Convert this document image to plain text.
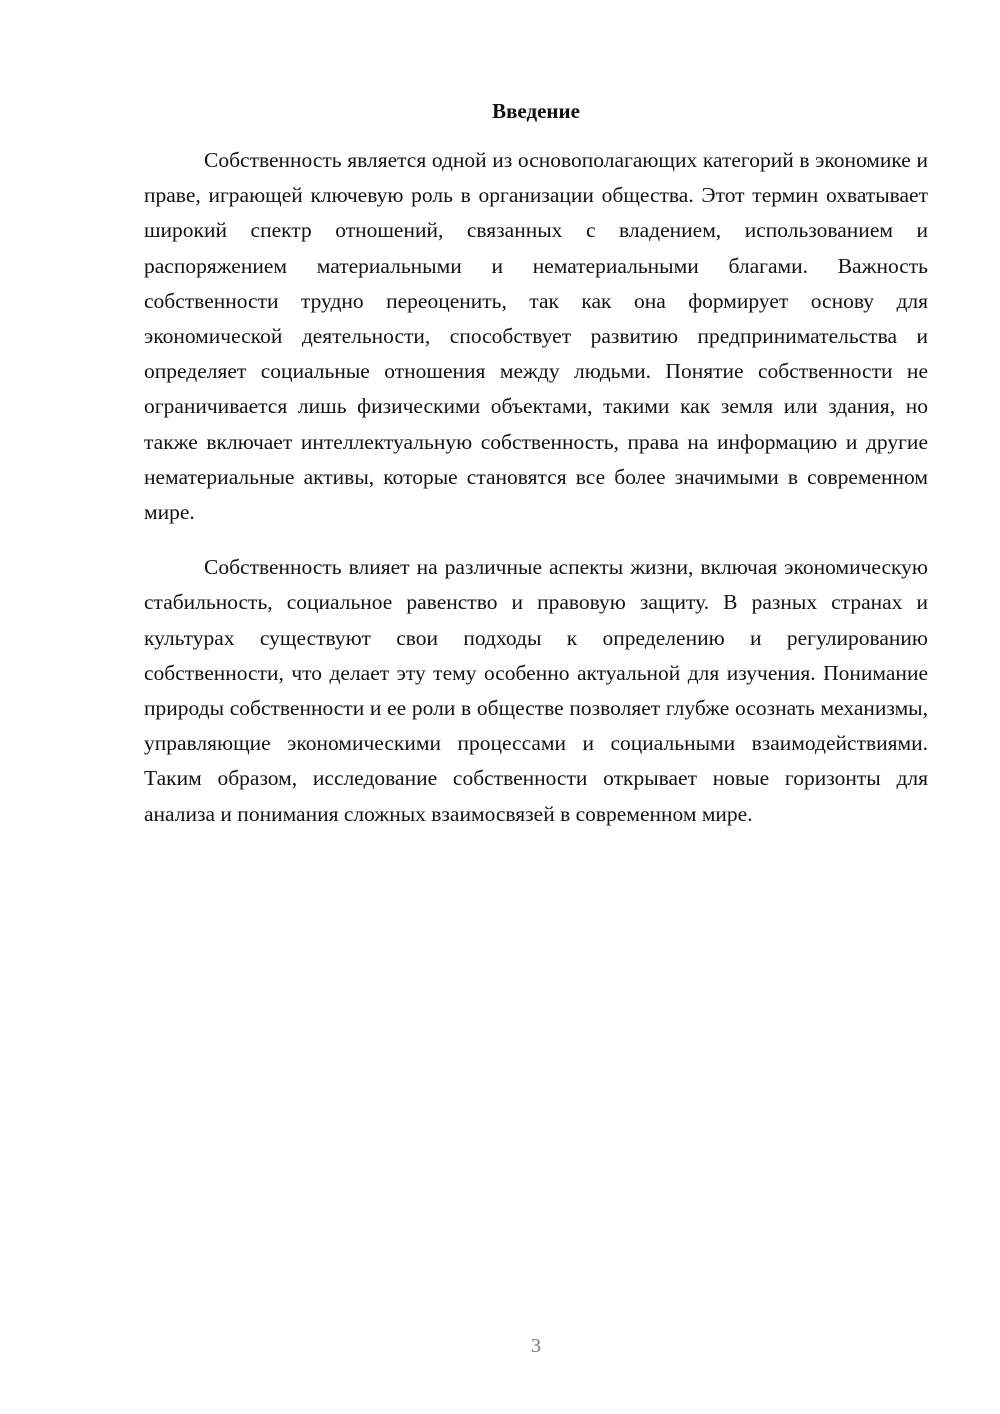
Введение

Собственность является одной из основополагающих категорий в экономике и праве, играющей ключевую роль в организации общества. Этот термин охватывает широкий спектр отношений, связанных с владением, использованием и распоряжением материальными и нематериальными благами. Важность собственности трудно переоценить, так как она формирует основу для экономической деятельности, способствует развитию предпринимательства и определяет социальные отношения между людьми. Понятие собственности не ограничивается лишь физическими объектами, такими как земля или здания, но также включает интеллектуальную собственность, права на информацию и другие нематериальные активы, которые становятся все более значимыми в современном мире.

Собственность влияет на различные аспекты жизни, включая экономическую стабильность, социальное равенство и правовую защиту. В разных странах и культурах существуют свои подходы к определению и регулированию собственности, что делает эту тему особенно актуальной для изучения. Понимание природы собственности и ее роли в обществе позволяет глубже осознать механизмы, управляющие экономическими процессами и социальными взаимодействиями. Таким образом, исследование собственности открывает новые горизонты для анализа и понимания сложных взаимосвязей в современном мире.

3
